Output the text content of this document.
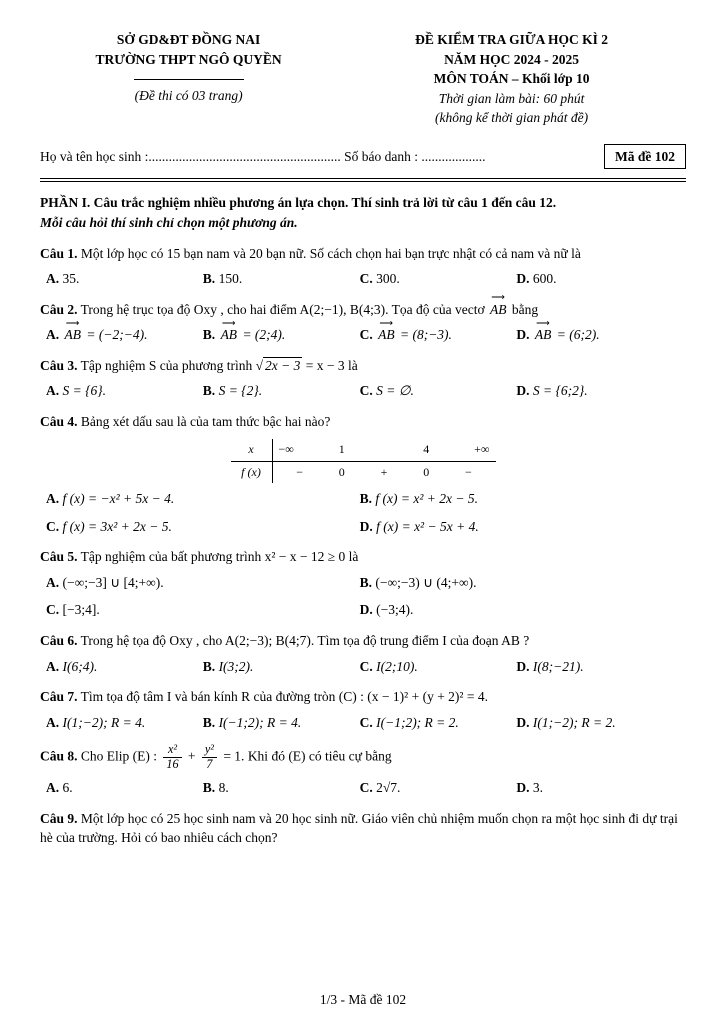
SỞ GD&ĐT ĐỒNG NAI

TRƯỜNG THPT NGÔ QUYỀN

(Đề thi có 03 trang)

ĐỀ KIỂM TRA GIỮA HỌC KÌ 2

NĂM HỌC 2024 - 2025

MÔN TOÁN – Khối lớp 10

Thời gian làm bài: 60 phút

(không kể thời gian phát đề)

Họ và tên học sinh :......................................................... Số báo danh : ...................	Mã đề 102

PHẦN I. Câu trắc nghiệm nhiều phương án lựa chọn. Thí sinh trả lời từ câu 1 đến câu 12.

Mỗi câu hỏi thí sinh chỉ chọn một phương án.

Câu 1. Một lớp học có 15 bạn nam và 20 bạn nữ. Số cách chọn hai bạn trực nhật có cả nam và nữ là

A. 35.	B. 150.	C. 300.	D. 600.

Câu 2. Trong hệ trục tọa độ Oxy , cho hai điểm A(2;−1), B(4;3). Tọa độ của vectơ ⟶ AB bằng

A. ⟶ AB = (−2;−4).	B. ⟶ AB = (2;4).	C. ⟶ AB = (8;−3).	D. ⟶ AB = (6;2).

Câu 3. Tập nghiệm S của phương trình √ 2x − 3 = x − 3 là

A. S = {6}.	B. S = {2}.	C. S = ∅.	D. S = {6;2}.

Câu 4. Bảng xét dấu sau là của tam thức bậc hai nào?

x	−∞	1	4	+∞
f (x)	−	0	+	0	−
A. f (x) = −x² + 5x − 4.	B. f (x) = x² + 2x − 5.
C. f (x) = 3x² + 2x − 5.	D. f (x) = x² − 5x + 4.

Câu 5. Tập nghiệm của bất phương trình x² − x − 12 ≥ 0 là

A. (−∞;−3] ∪ [4;+∞).	B. (−∞;−3) ∪ (4;+∞).
C. [−3;4].	D. (−3;4).

Câu 6. Trong hệ tọa độ Oxy , cho A(2;−3); B(4;7). Tìm tọa độ trung điểm I của đoạn AB ?

A. I(6;4).	B. I(3;2).	C. I(2;10).	D. I(8;−21).

Câu 7. Tìm tọa độ tâm I và bán kính R của đường tròn (C) : (x − 1)² + (y + 2)² = 4.

A. I(1;−2); R = 4.	B. I(−1;2); R = 4.	C. I(−1;2); R = 2.	D. I(1;−2); R = 2.

Câu 8. Cho Elip (E) : $\frac{\text{x²}}{16} + \frac{\text{y²}}{7} = 1$. Khi đó (E) có tiêu cự bằng

A. 6.	B. 8.	C. 2√7.	D. 3.

Câu 9. Một lớp học có 25 học sinh nam và 20 học sinh nữ. Giáo viên chủ nhiệm muốn chọn ra một học sinh đi dự trại hè của trường. Hỏi có bao nhiêu cách chọn?

1/3 - Mã đề 102
